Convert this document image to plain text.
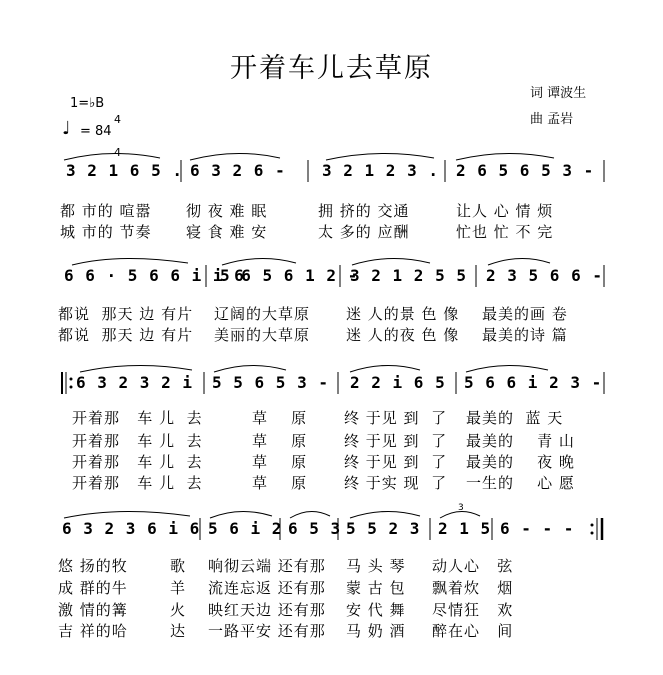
开着车儿去草原
词 谭波生
曲 孟岩
1=♭B

4

4

♩ = 84
3 2 1 6 5 . 6 3 2 6 - 3 2 1 2 3 . 2 6 5 6 5 3 -
都 市的 喧嚣 彻 夜 难 眠	拥 挤的 交通	让人 心 情 烦
城 市的 节奏 寝 食 难 安	太 多的 应酬	忙也 忙 不 完
6 6 · 5 6 6 i i 6
5 6 5 6 1 2 -
3 2 1 2 5 5 2 3 5 6 6 -
都说  那天 边 有片 辽阔的大草原 迷 人的景 色 像 最美的画 卷
都说  那天 边 有片 美丽的大草原 迷 人的夜 色 像 最美的诗 篇
6 3 2 3 2 i 5 5 6 5 3 - 2 2 i 6 5 5 6 6 i 2 3 -
开着那   车 儿  去	草    原 终 于见 到  了 最美的  蓝 天
开着那   车 儿  去	草    原 终 于见 到  了 最美的    青 山
开着那   车 儿  去	草    原 终 于见 到  了 最美的    夜 晚
开着那   车 儿  去	草    原 终 于实 现  了 一生的    心 愿
3
6 3 2 3 6 i 6 5 6 i 2 6 5 3 5 5 2 3 2 1 5 6 - - -
悠 扬的牧	歌 响彻云端 还有那 马 头 琴 动人心   弦
成 群的牛	羊 流连忘返 还有那 蒙 古 包 飘着炊   烟
激 情的篝	火 映红天边 还有那 安 代 舞 尽情狂   欢
吉 祥的哈	达 一路平安 还有那 马 奶 酒 醉在心   间
